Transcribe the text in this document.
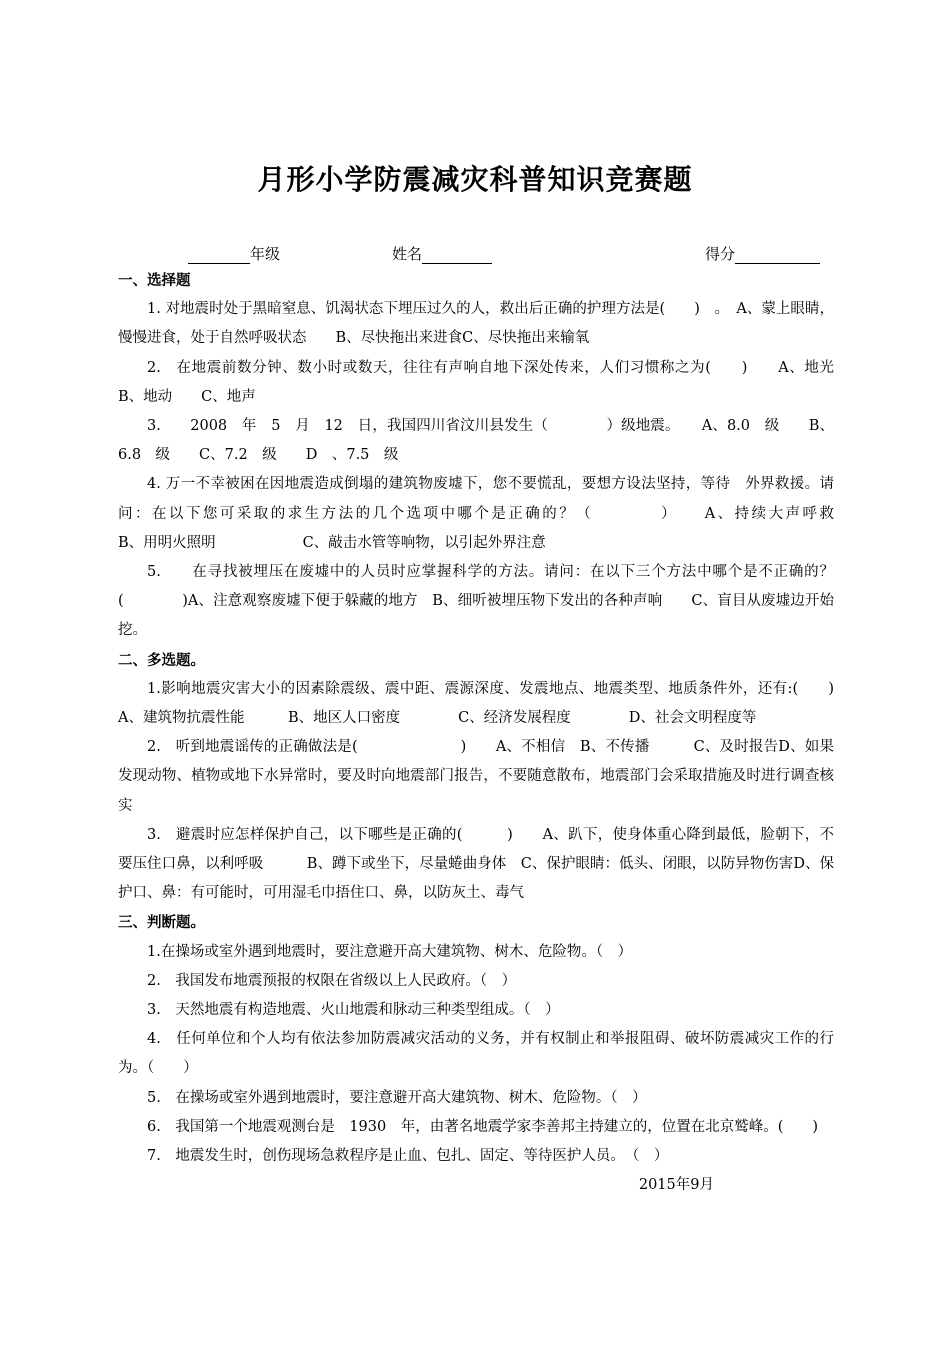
月形小学防震减灾科普知识竞赛题
年级	姓名	得分
一、选择题
1. 对地震时处于黑暗窒息、饥渴状态下埋压过久的人，救出后正确的护理方法是(　　)　。　A、蒙上眼睛，慢慢进食，处于自然呼吸状态　　B、尽快拖出来进食C、尽快拖出来输氧
2.　在地震前数分钟、数小时或数天，往往有声响自地下深处传来，人们习惯称之为(　　)　　A、地光　B、地动　　C、地声
3.　　2008　年　5　月　12　日，我国四川省汶川县发生（　　　　）级地震。　　A、8.0　级　　B、6.8　级　　C、7.2　级　　D　、7.5　级
4. 万一不幸被困在因地震造成倒塌的建筑物废墟下，您不要慌乱，要想方设法坚持，等待　外界救援。请问：在以下您可采取的求生方法的几个选项中哪个是正确的？（　　　　）　　A、持续大声呼救　　　　　　B、用明火照明　　　　　　C、敲击水管等响物，以引起外界注意
5.　　在寻找被埋压在废墟中的人员时应掌握科学的方法。请问：在以下三个方法中哪个是不正确的？(　　　　)A、注意观察废墟下便于躲藏的地方　B、细听被埋压物下发出的各种声响　　C、盲目从废墟边开始挖。
二、多选题。
1.影响地震灾害大小的因素除震级、震中距、震源深度、发震地点、地震类型、地质条件外，还有:(　　)　A、建筑物抗震性能　　　B、地区人口密度　　　　C、经济发展程度　　　　D、社会文明程度等
2.　听到地震谣传的正确做法是(　　　　　　　)　　A、不相信　B、不传播　　　C、及时报告D、如果发现动物、植物或地下水异常时，要及时向地震部门报告，不要随意散布，地震部门会采取措施及时进行调查核实
3.　避震时应怎样保护自己，以下哪些是正确的(　　　)　　A、趴下，使身体重心降到最低，脸朝下，不要压住口鼻，以利呼吸　　　B、蹲下或坐下，尽量蜷曲身体　C、保护眼睛：低头、闭眼，以防异物伤害D、保护口、鼻：有可能时，可用湿毛巾捂住口、鼻，以防灰土、毒气
三、判断题。
1.在操场或室外遇到地震时，要注意避开高大建筑物、树木、危险物。（　）
2.　我国发布地震预报的权限在省级以上人民政府。（　）
3.　天然地震有构造地震、火山地震和脉动三种类型组成。（　）
4.　任何单位和个人均有依法参加防震减灾活动的义务，并有权制止和举报阻碍、破坏防震减灾工作的行为。（　　）
5.　在操场或室外遇到地震时，要注意避开高大建筑物、树木、危险物。（　）
6.　我国第一个地震观测台是　1930　年，由著名地震学家李善邦主持建立的，位置在北京鹫峰。(　　)
7.　地震发生时，创伤现场急救程序是止血、包扎、固定、等待医护人员。　（　）
2015年9月
